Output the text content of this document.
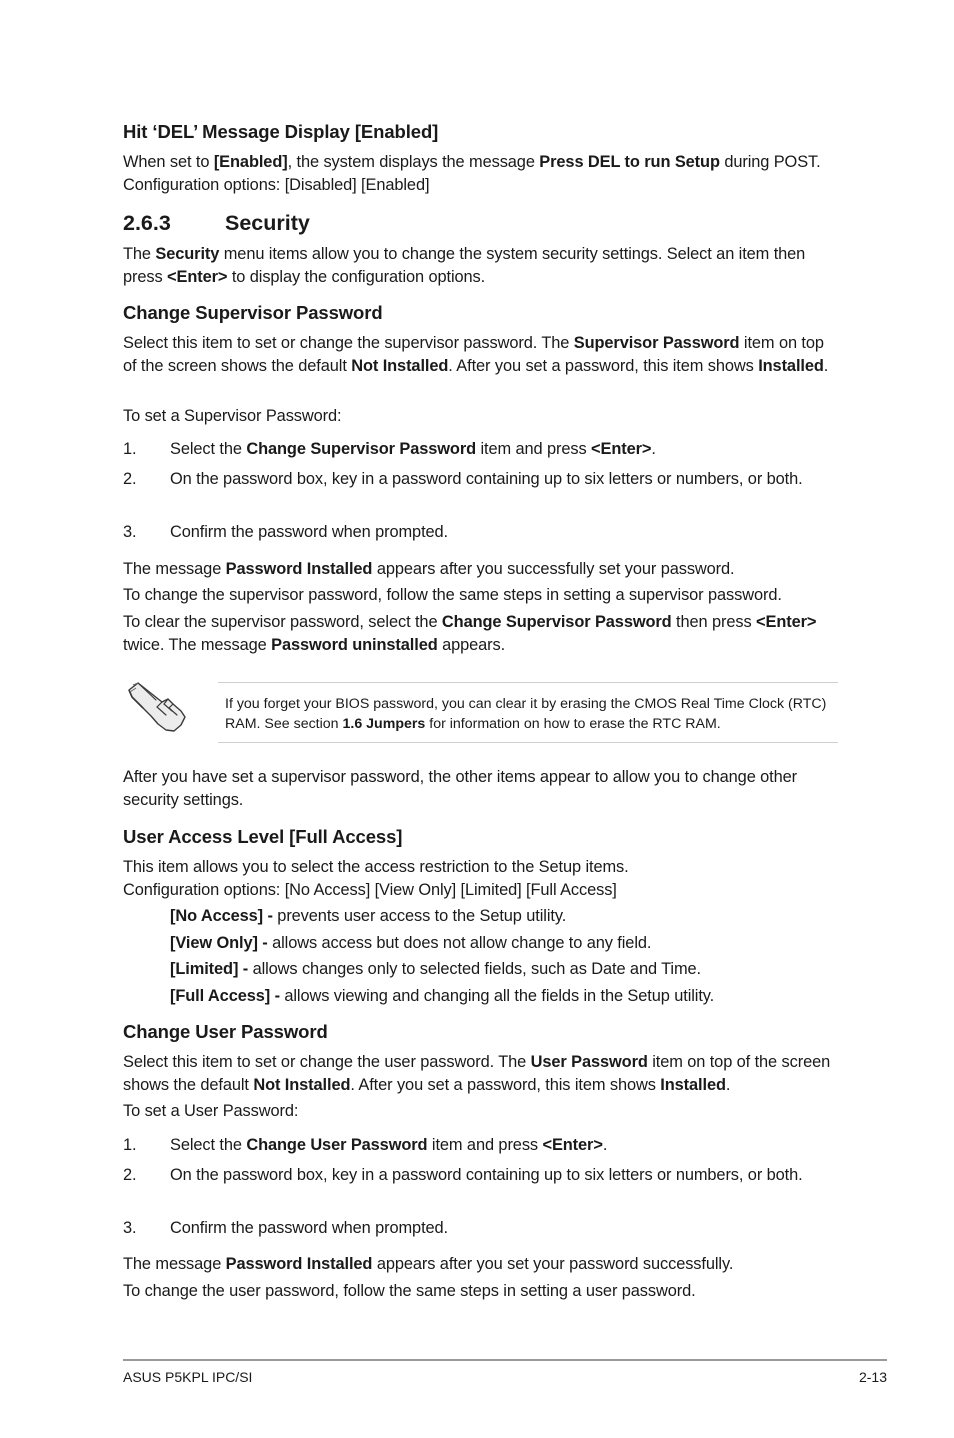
Hit ‘DEL’ Message Display [Enabled]

When set to [Enabled], the system displays the message Press DEL to run Setup during POST. Configuration options: [Disabled] [Enabled]

2.6.3	Security

The Security menu items allow you to change the system security settings. Select an item then press <Enter> to display the configuration options.

Change Supervisor Password

Select this item to set or change the supervisor password. The Supervisor Password item on top of the screen shows the default Not Installed. After you set a password, this item shows Installed.

To set a Supervisor Password:

1. Select the Change Supervisor Password item and press <Enter>.
2. On the password box, key in a password containing up to six letters or numbers, or both.
3. Confirm the password when prompted.

The message Password Installed appears after you successfully set your password.

To change the supervisor password, follow the same steps in setting a supervisor password.

To clear the supervisor password, select the Change Supervisor Password then press <Enter> twice. The message Password uninstalled appears.

If you forget your BIOS password, you can clear it by erasing the CMOS Real Time Clock (RTC) RAM. See section 1.6 Jumpers for information on how to erase the RTC RAM.

After you have set a supervisor password, the other items appear to allow you to change other security settings.

User Access Level [Full Access]

This item allows you to select the access restriction to the Setup items.

Configuration options: [No Access] [View Only] [Limited] [Full Access]

[No Access] - prevents user access to the Setup utility.

[View Only] - allows access but does not allow change to any field.

[Limited] - allows changes only to selected fields, such as Date and Time.

[Full Access] - allows viewing and changing all the fields in the Setup utility.

Change User Password

Select this item to set or change the user password. The User Password item on top of the screen shows the default Not Installed. After you set a password, this item shows Installed.

To set a User Password:

1. Select the Change User Password item and press <Enter>.
2. On the password box, key in a password containing up to six letters or numbers, or both.
3. Confirm the password when prompted.

The message Password Installed appears after you set your password successfully.

To change the user password, follow the same steps in setting a user password.

ASUS P5KPL IPC/SI	2-13
